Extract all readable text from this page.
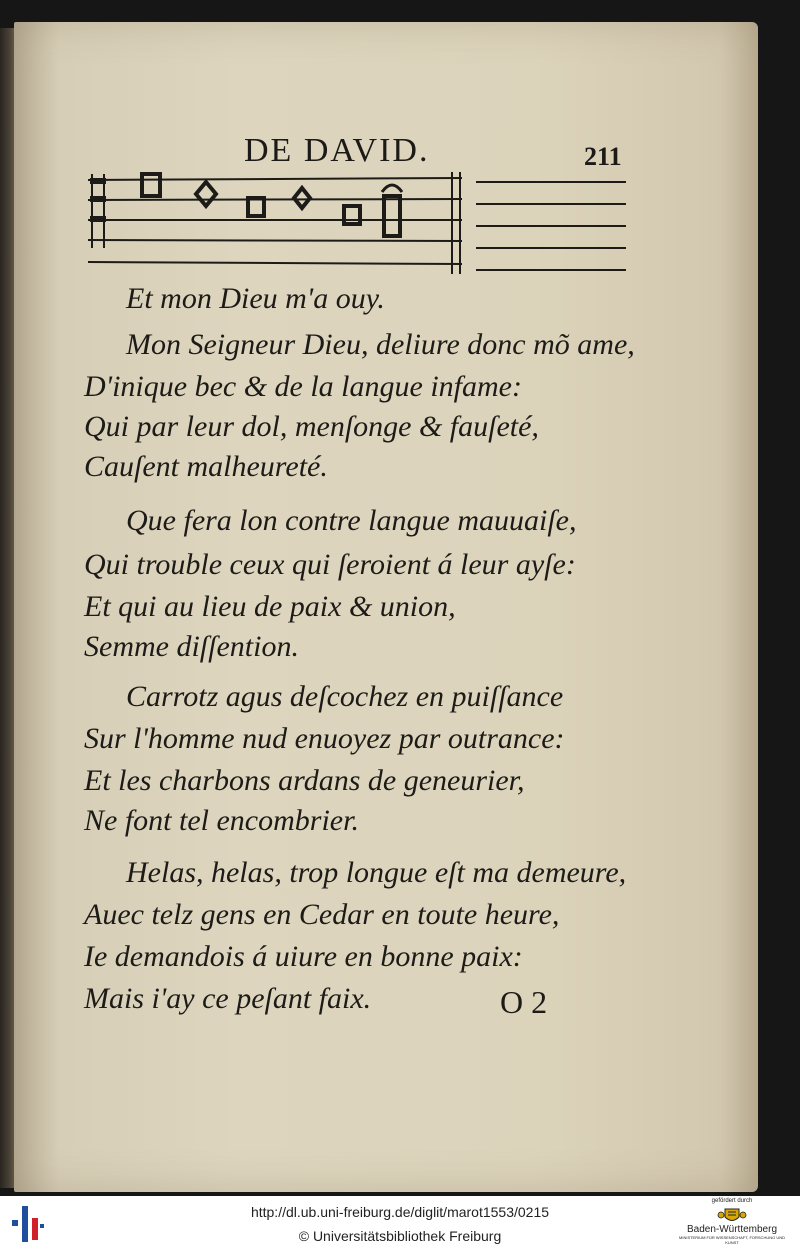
DE DAVID.	211
Et mon Dieu m'a ouy.
Mon Seigneur Dieu, deliure donc mõ ame,
D'inique bec & de la langue infame:
Qui par leur dol, menſonge & fauſeté,
Cauſent malheureté.
Que fera lon contre langue mauuaiſe,
Qui trouble ceux qui ſeroient á leur ayſe:
Et qui au lieu de paix & union,
Semme diſſention.
Carrotz agus deſcochez en puiſſance
Sur l'homme nud enuoyez par outrance:
Et les charbons ardans de geneurier,
Ne font tel encombrier.
Helas, helas, trop longue eſt ma demeure,
Auec telz gens en Cedar en toute heure,
Ie demandois á uiure en bonne paix:
Mais i'ay ce peſant faix.	O 2
http://dl.ub.uni-freiburg.de/diglit/marot1553/0215
© Universitätsbibliothek Freiburg
gefördert durch
Baden-Württemberg
MINISTERIUM FÜR WISSENSCHAFT, FORSCHUNG UND KUNST
